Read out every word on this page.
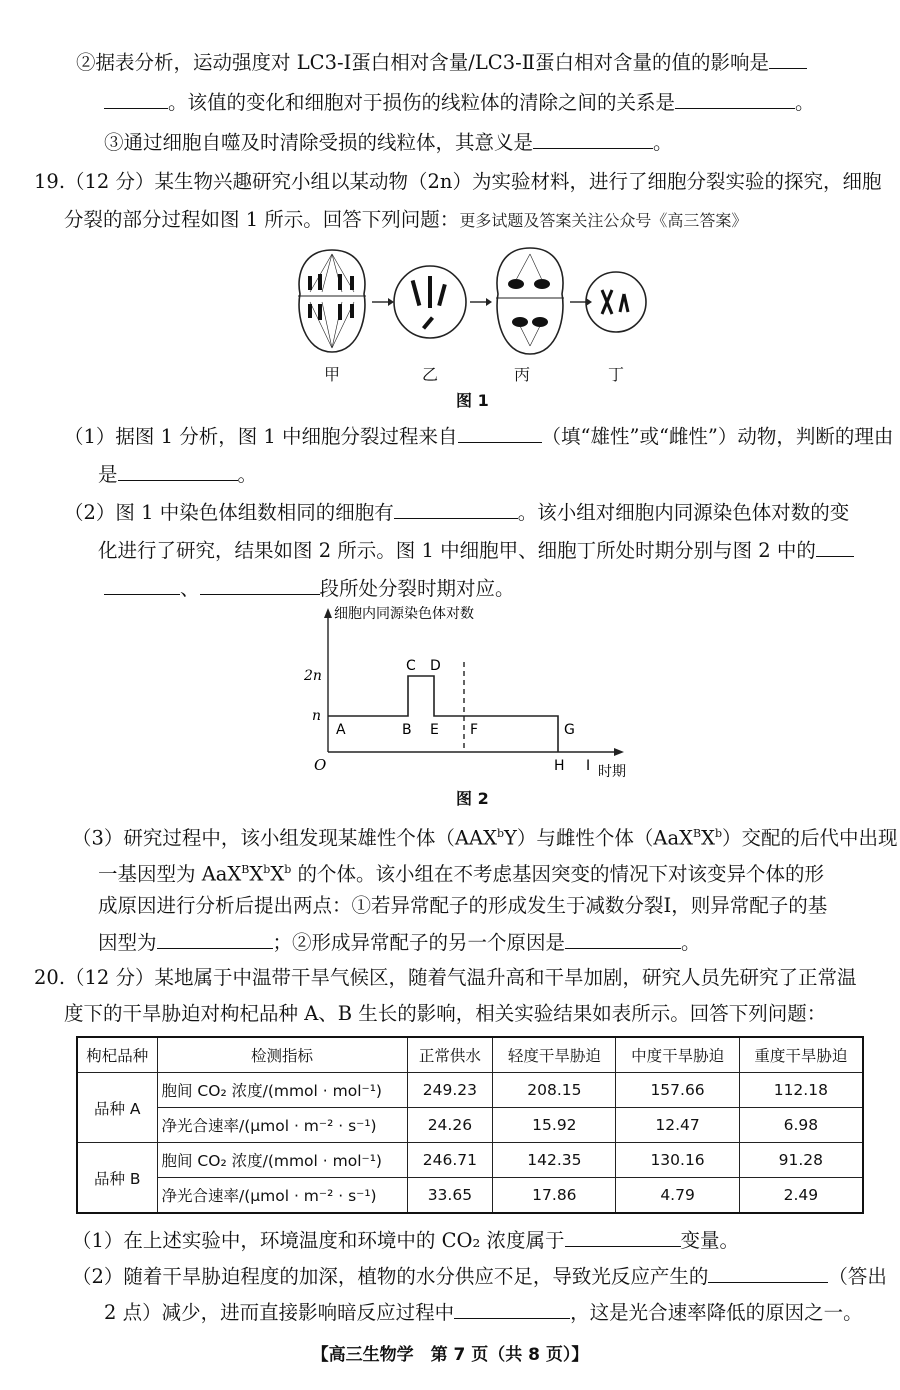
②据表分析，运动强度对 LC3-Ⅰ蛋白相对含量/LC3-Ⅱ蛋白相对含量的值的影响是
。该值的变化和细胞对于损伤的线粒体的清除之间的关系是	。
③通过细胞自噬及时清除受损的线粒体，其意义是	。
19.（12 分）某生物兴趣研究小组以某动物（2n）为实验材料，进行了细胞分裂实验的探究，细胞
分裂的部分过程如图 1 所示。回答下列问题：更多试题及答案关注公众号《高三答案》
甲	乙	丙	丁
图 1
（1）据图 1 分析，图 1 中细胞分裂过程来自	（填“雄性”或“雌性”）动物，判断的理由
是	。
（2）图 1 中染色体组数相同的细胞有	。该小组对细胞内同源染色体对数的变
化进行了研究，结果如图 2 所示。图 1 中细胞甲、细胞丁所处时期分别与图 2 中的
、	段所处分裂时期对应。
细胞内同源染色体对数
2n
n
O
A	B
C D
E F	G
H I 时期
图 2
（3）研究过程中，该小组发现某雄性个体（AAX$^b$Y）与雌性个体$(AaX^BX^b)$交配的后代中出现
一基因型为 $AaX^BX^bX^b$ 的个体。该小组在不考虑基因突变的情况下对该变异个体的形
成原因进行分析后提出两点：①若异常配子的形成发生于减数分裂Ⅰ，则异常配子的基
因型为	；②形成异常配子的另一个原因是	。
20.（12 分）某地属于中温带干旱气候区，随着气温升高和干旱加剧，研究人员先研究了正常温
度下的干旱胁迫对枸杞品种 A、B 生长的影响，相关实验结果如表所示。回答下列问题：
枸杞品种	检测指标	正常供水	轻度干旱胁迫	中度干旱胁迫	重度干旱胁迫
品种 A	胞间 CO₂ 浓度/(mmol · mol⁻¹)	249.23	208.15	157.66	112.18
	净光合速率/(μmol · m⁻² · s⁻¹)	24.26	15.92	12.47	6.98
品种 B	胞间 CO₂ 浓度/(mmol · mol⁻¹)	246.71	142.35	130.16	91.28
	净光合速率/(μmol · m⁻² · s⁻¹)	33.65	17.86	4.79	2.49
（1）在上述实验中，环境温度和环境中的 CO₂ 浓度属于	变量。
（2）随着干旱胁迫程度的加深，植物的水分供应不足，导致光反应产生的	（答出
2 点）减少，进而直接影响暗反应过程中	，这是光合速率降低的原因之一。
【高三生物学　第 7 页（共 8 页）】
